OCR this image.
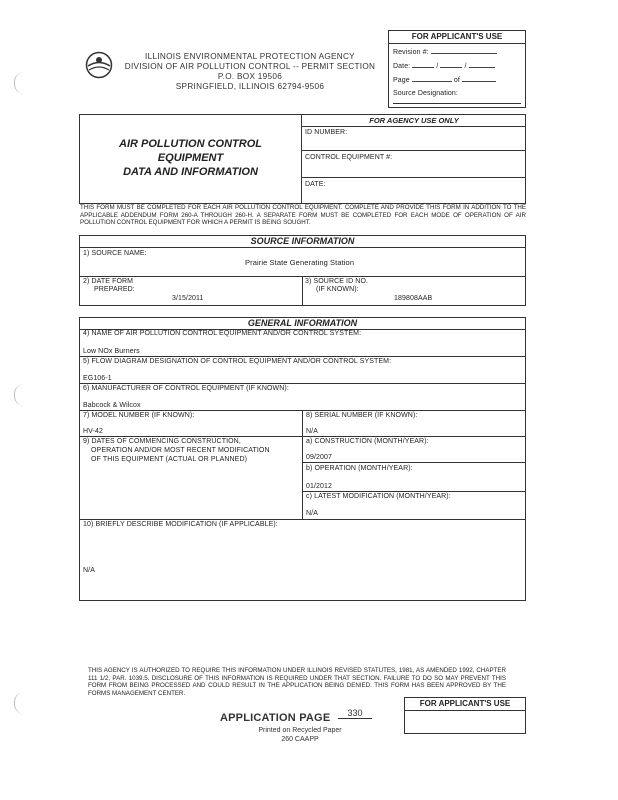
ILLINOIS ENVIRONMENTAL PROTECTION AGENCY
DIVISION OF AIR POLLUTION CONTROL -- PERMIT SECTION
P.O. BOX 19506
SPRINGFIELD, ILLINOIS 62794-9506
FOR APPLICANT'S USE
Revision #:
Date:	/	/
Page	of
Source Designation:
AIR POLLUTION CONTROL
EQUIPMENT
DATA AND INFORMATION
FOR AGENCY USE ONLY
ID NUMBER:
CONTROL EQUIPMENT #:
DATE:
THIS FORM MUST BE COMPLETED FOR EACH AIR POLLUTION CONTROL EQUIPMENT. COMPLETE AND PROVIDE THIS FORM IN ADDITION TO THE APPLICABLE ADDENDUM FORM 260-A THROUGH 260-H. A SEPARATE FORM MUST BE COMPLETED FOR EACH MODE OF OPERATION OF AIR POLLUTION CONTROL EQUIPMENT FOR WHICH A PERMIT IS BEING SOUGHT.
SOURCE INFORMATION
1) SOURCE NAME:
Prairie State Generating Station
2) DATE FORM
PREPARED:
3/15/2011
3) SOURCE ID NO.
(IF KNOWN):
189808AAB
GENERAL INFORMATION
4) NAME OF AIR POLLUTION CONTROL EQUIPMENT AND/OR CONTROL SYSTEM:
Low NOx Burners
5) FLOW DIAGRAM DESIGNATION OF CONTROL EQUIPMENT AND/OR CONTROL SYSTEM:
EG106-1
6) MANUFACTURER OF CONTROL EQUIPMENT (IF KNOWN):
Babcock & Wilcox
7) MODEL NUMBER (IF KNOWN):
HV-42
8) SERIAL NUMBER (IF KNOWN):
N/A
9) DATES OF COMMENCING CONSTRUCTION,
OPERATION AND/OR MOST RECENT MODIFICATION
OF THIS EQUIPMENT (ACTUAL OR PLANNED)
a) CONSTRUCTION (MONTH/YEAR):
09/2007
b) OPERATION (MONTH/YEAR):
01/2012
c) LATEST MODIFICATION (MONTH/YEAR):
N/A
10) BRIEFLY DESCRIBE MODIFICATION (IF APPLICABLE):
N/A
THIS AGENCY IS AUTHORIZED TO REQUIRE THIS INFORMATION UNDER ILLINOIS REVISED STATUTES, 1981, AS AMENDED 1992, CHAPTER 111 1/2, PAR. 1039.5. DISCLOSURE OF THIS INFORMATION IS REQUIRED UNDER THAT SECTION. FAILURE TO DO SO MAY PREVENT THIS FORM FROM BEING PROCESSED AND COULD RESULT IN THE APPLICATION BEING DENIED. THIS FORM HAS BEEN APPROVED BY THE FORMS MANAGEMENT CENTER.
FOR APPLICANT'S USE
APPLICATION PAGE	330
Printed on Recycled Paper
260 CAAPP
